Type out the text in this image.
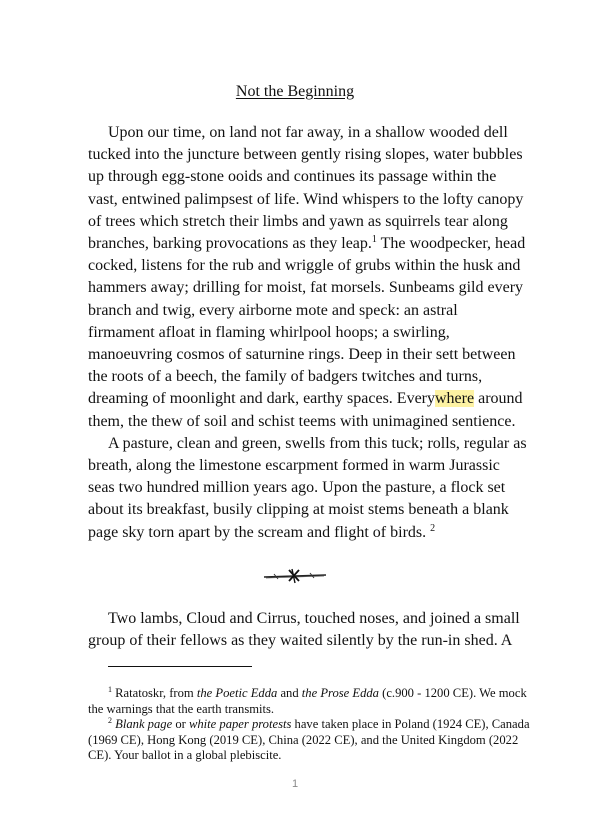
Not the Beginning

Upon our time, on land not far away, in a shallow wooded dell tucked into the juncture between gently rising slopes, water bubbles up through egg-stone ooids and continues its passage within the vast, entwined palimpsest of life. Wind whispers to the lofty canopy of trees which stretch their limbs and yawn as squirrels tear along branches, barking provocations as they leap.$^1$ The woodpecker, head cocked, listens for the rub and wriggle of grubs within the husk and hammers away; drilling for moist, fat morsels. Sunbeams gild every branch and twig, every airborne mote and speck: an astral firmament afloat in flaming whirlpool hoops; a swirling, manoeuvring cosmos of saturnine rings. Deep in their sett between the roots of a beech, the family of badgers twitches and turns, dreaming of moonlight and dark, earthy spaces. Everywhere around them, the thew of soil and schist teems with unimagined sentience.

A pasture, clean and green, swells from this tuck; rolls, regular as breath, along the limestone escarpment formed in warm Jurassic seas two hundred million years ago. Upon the pasture, a flock set about its breakfast, busily clipping at moist stems beneath a blank page sky torn apart by the scream and flight of birds. $^2$

Two lambs, Cloud and Cirrus, touched noses, and joined a small group of their fellows as they waited silently by the run-in shed. A

$^1$ Ratatoskr, from the Poetic Edda and the Prose Edda (c.900 - 1200 CE). We mock the warnings that the earth transmits.

$^2$ Blank page or white paper protests have taken place in Poland (1924 CE), Canada (1969 CE), Hong Kong (2019 CE), China (2022 CE), and the United Kingdom (2022 CE). Your ballot in a global plebiscite.

1
